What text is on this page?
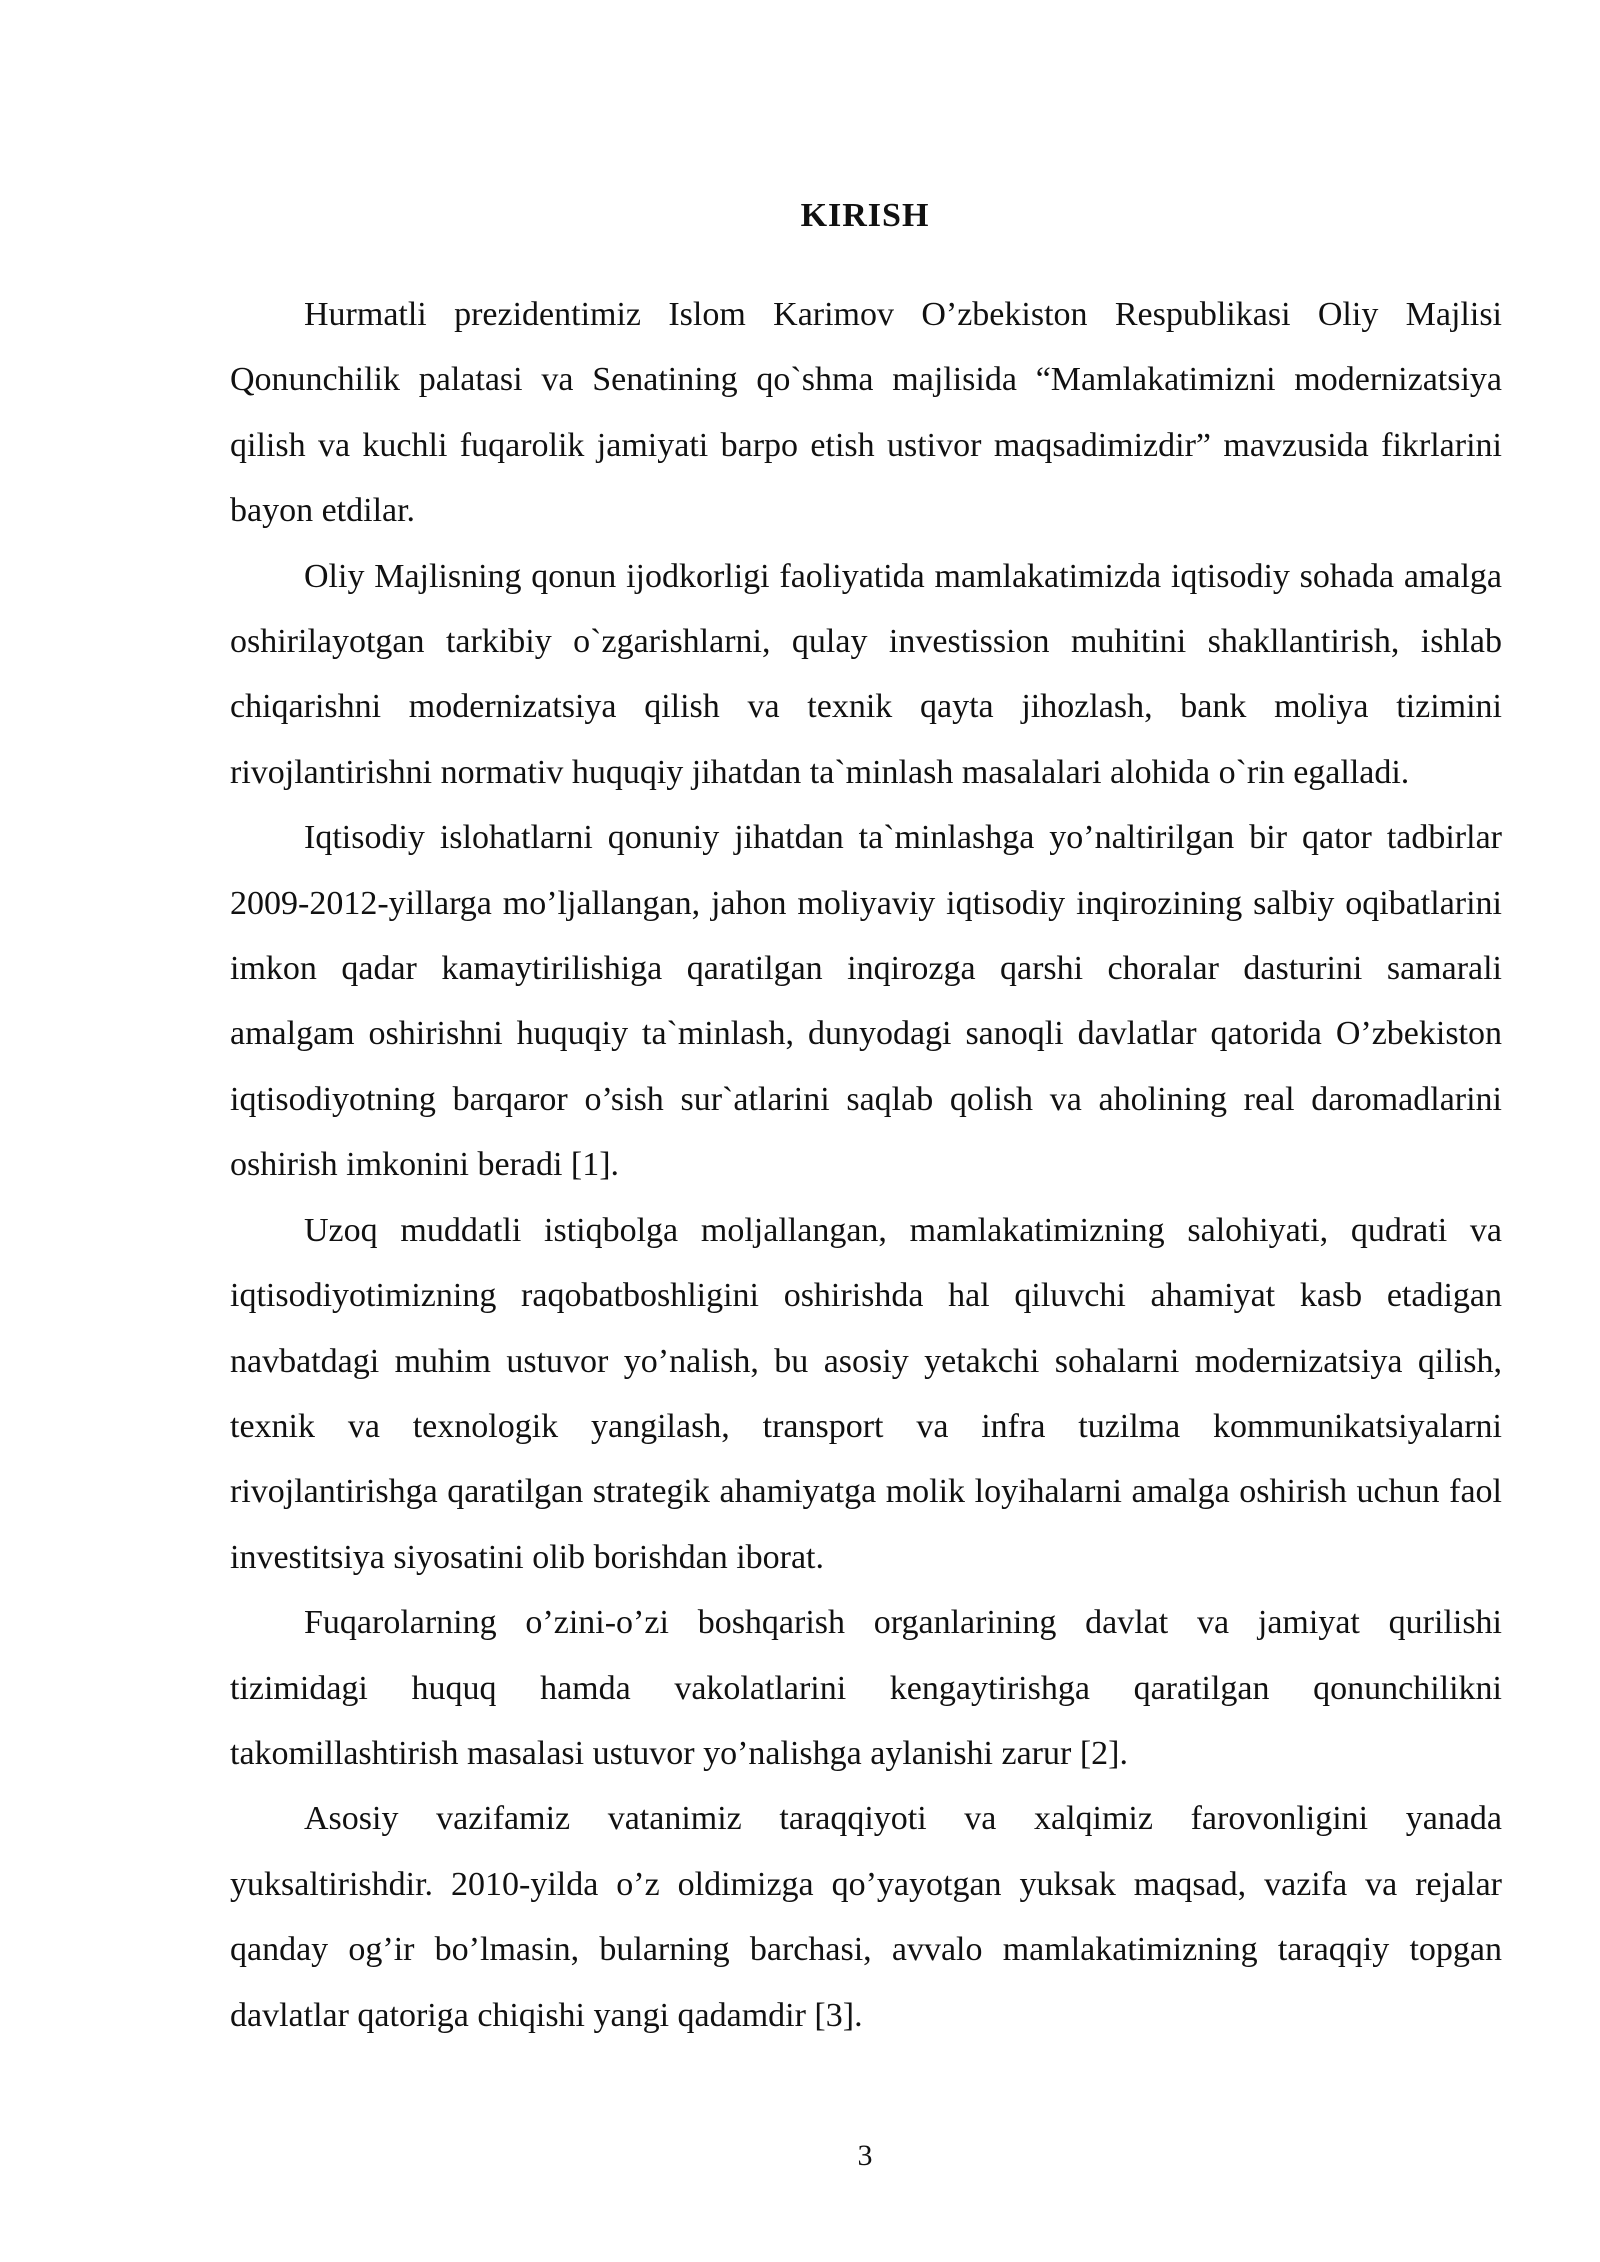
KIRISH

Hurmatli prezidentimiz Islom Karimov O’zbekiston Respublikasi Oliy Majlisi Qonunchilik palatasi va Senatining qo`shma majlisida “Mamlakatimizni modernizatsiya qilish va kuchli fuqarolik jamiyati barpo etish ustivor maqsadimizdir” mavzusida fikrlarini bayon etdilar.

Oliy Majlisning qonun ijodkorligi faoliyatida mamlakatimizda iqtisodiy sohada amalga oshirilayotgan tarkibiy o`zgarishlarni, qulay investission muhitini shakllantirish, ishlab chiqarishni modernizatsiya qilish va texnik qayta jihozlash, bank moliya tizimini rivojlantirishni normativ huquqiy jihatdan ta`minlash masalalari alohida o`rin egalladi.

Iqtisodiy islohatlarni qonuniy jihatdan ta`minlashga yo’naltirilgan bir qator tadbirlar 2009-2012-yillarga mo’ljallangan, jahon moliyaviy iqtisodiy inqirozining salbiy oqibatlarini imkon qadar kamaytirilishiga qaratilgan inqirozga qarshi choralar dasturini samarali amalgam oshirishni huquqiy ta`minlash, dunyodagi sanoqli davlatlar qatorida O’zbekiston iqtisodiyotning barqaror o’sish sur`atlarini saqlab qolish va aholining real daromadlarini oshirish imkonini beradi [1].

Uzoq muddatli istiqbolga moljallangan, mamlakatimizning salohiyati, qudrati va iqtisodiyotimizning raqobatboshligini oshirishda hal qiluvchi ahamiyat kasb etadigan navbatdagi muhim ustuvor yo’nalish, bu asosiy yetakchi sohalarni modernizatsiya qilish, texnik va texnologik yangilash, transport va infra tuzilma kommunikatsiyalarni rivojlantirishga qaratilgan strategik ahamiyatga molik loyihalarni amalga oshirish uchun faol investitsiya siyosatini olib borishdan iborat.

Fuqarolarning o’zini-o’zi boshqarish organlarining davlat va jamiyat qurilishi tizimidagi huquq hamda vakolatlarini kengaytirishga qaratilgan qonunchilikni takomillashtirish masalasi ustuvor yo’nalishga aylanishi zarur [2].

Asosiy vazifamiz vatanimiz taraqqiyoti va xalqimiz farovonligini yanada yuksaltirishdir. 2010-yilda o’z oldimizga qo’yayotgan yuksak maqsad, vazifa va rejalar qanday og’ir bo’lmasin, bularning barchasi, avvalo mamlakatimizning taraqqiy topgan davlatlar qatoriga chiqishi yangi qadamdir [3].

3
